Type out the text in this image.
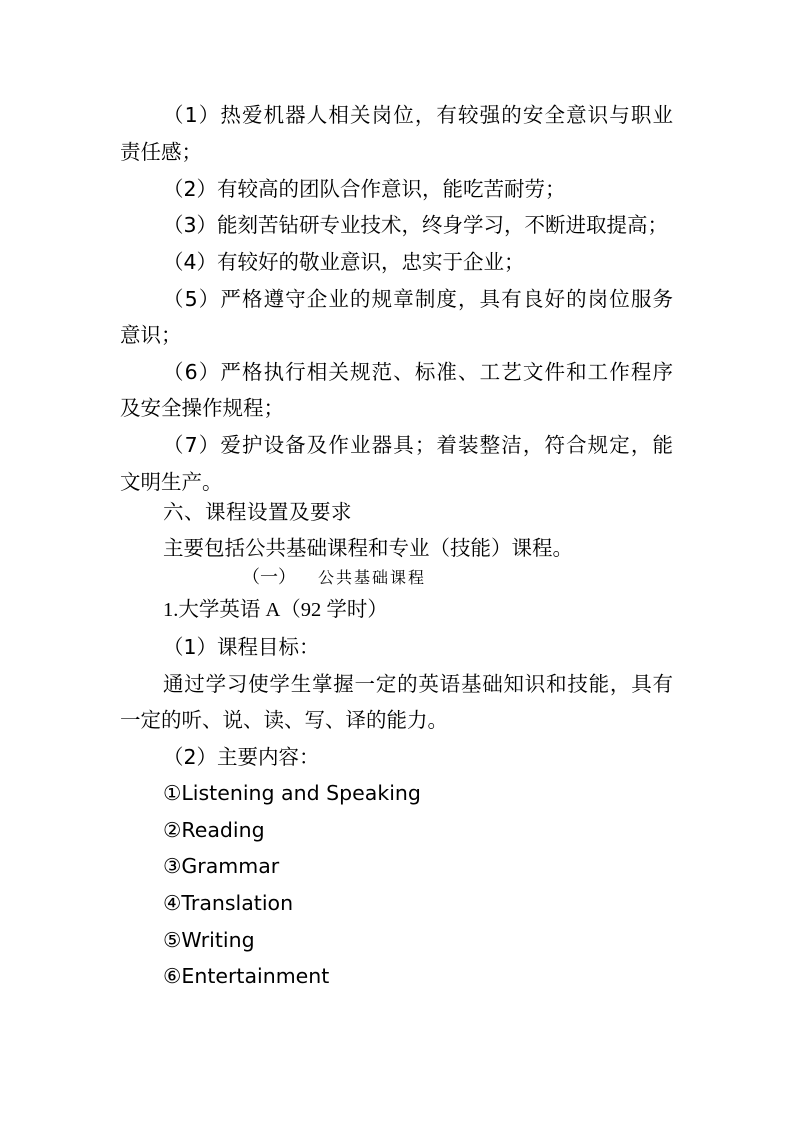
（1）热爱机器人相关岗位，有较强的安全意识与职业
责任感；
（2）有较高的团队合作意识，能吃苦耐劳；
（3）能刻苦钻研专业技术，终身学习，不断进取提高；
（4）有较好的敬业意识，忠实于企业；
（5）严格遵守企业的规章制度，具有良好的岗位服务
意识；
（6）严格执行相关规范、标准、工艺文件和工作程序
及安全操作规程；
（7）爱护设备及作业器具；着装整洁，符合规定，能
文明生产。
六、课程设置及要求
主要包括公共基础课程和专业（技能）课程。
（一） 公共基础课程
1.大学英语 A（92 学时）
（1）课程目标：
通过学习使学生掌握一定的英语基础知识和技能，具有
一定的听、说、读、写、译的能力。
（2）主要内容：
①Listening and Speaking
②Reading
③Grammar
④Translation
⑤Writing
⑥Entertainment
